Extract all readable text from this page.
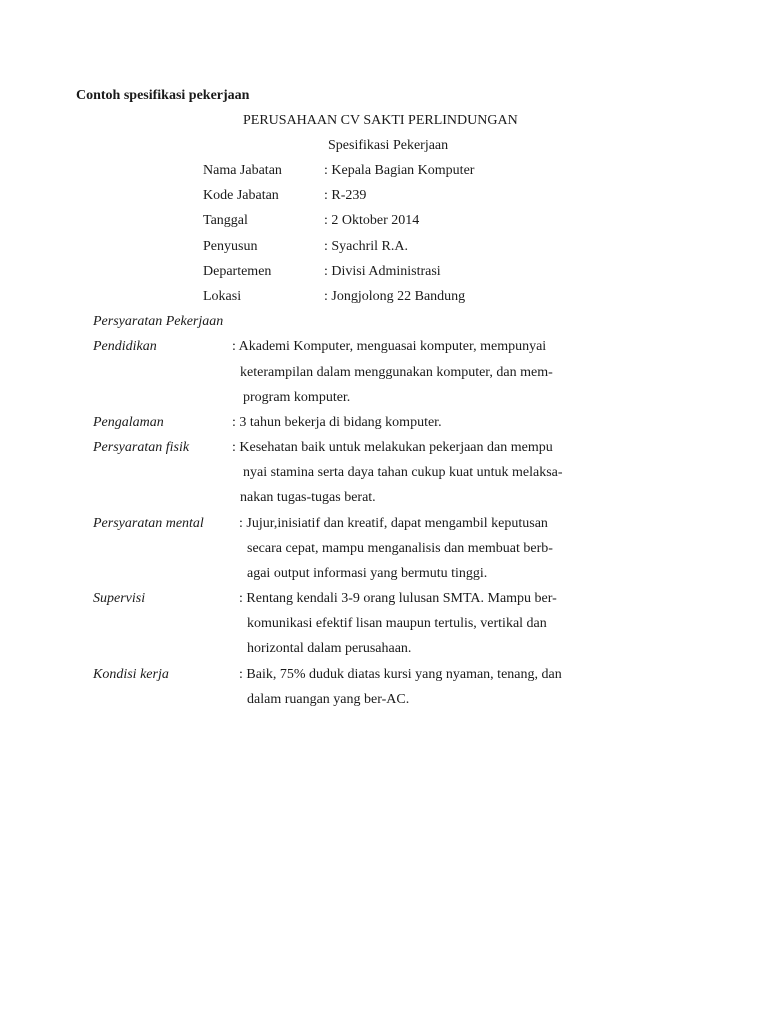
Contoh spesifikasi pekerjaan
PERUSAHAAN CV SAKTI PERLINDUNGAN
Spesifikasi Pekerjaan
Nama Jabatan	: Kepala Bagian Komputer
Kode Jabatan	: R-239
Tanggal	: 2 Oktober 2014
Penyusun	: Syachril R.A.
Departemen	: Divisi Administrasi
Lokasi	: Jongjolong 22 Bandung
Persyaratan Pekerjaan
Pendidikan	: Akademi Komputer, menguasai komputer, mempunyai
keterampilan dalam menggunakan komputer, dan mem-
program komputer.
Pengalaman	: 3 tahun bekerja di bidang komputer.
Persyaratan fisik	: Kesehatan baik untuk melakukan pekerjaan dan mempu
nyai stamina serta daya tahan cukup kuat untuk melaksa-
nakan tugas-tugas berat.
Persyaratan mental	: Jujur,inisiatif dan kreatif, dapat mengambil keputusan
secara cepat, mampu menganalisis dan membuat berb-
agai output informasi yang bermutu tinggi.
Supervisi	: Rentang kendali 3-9 orang lulusan SMTA. Mampu ber-
komunikasi efektif lisan maupun tertulis, vertikal dan
horizontal dalam perusahaan.
Kondisi kerja	: Baik, 75% duduk diatas kursi yang nyaman, tenang, dan
dalam ruangan yang ber-AC.
